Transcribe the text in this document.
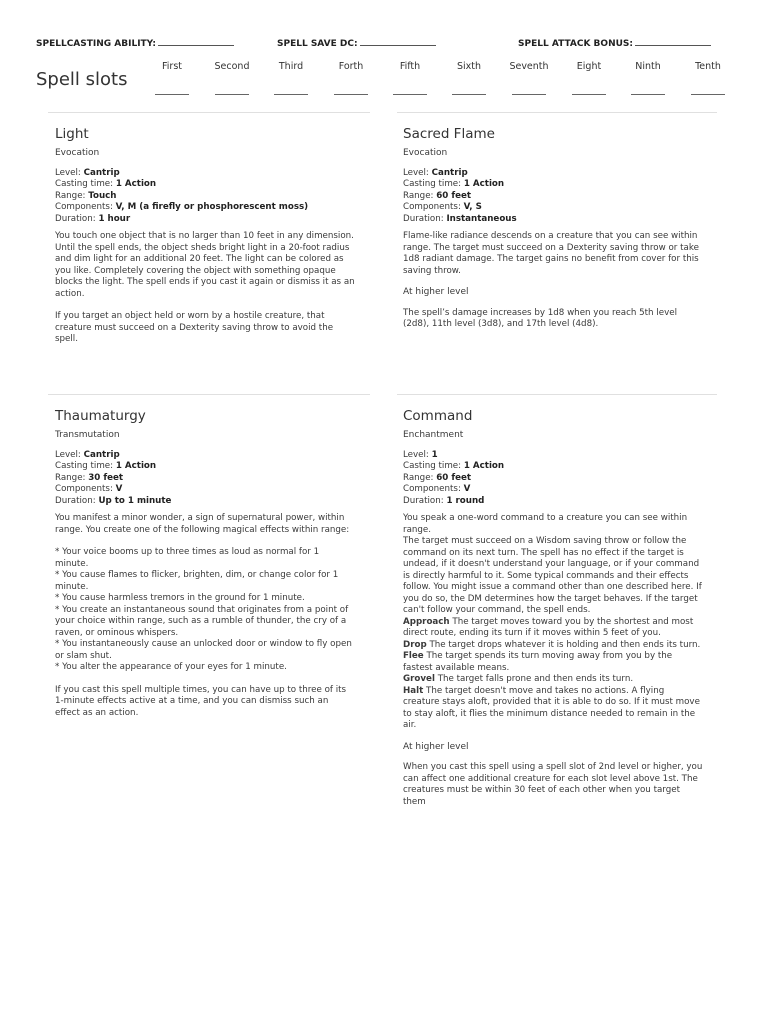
SPELLCASTING ABILITY:	SPELL SAVE DC:	SPELL ATTACK BONUS:
Spell slots
First	Second	Third	Forth	Fifth	Sixth	Seventh	Eight	Ninth	Tenth
Light
Evocation
Level: Cantrip
Casting time: 1 Action
Range: Touch
Components: V, M (a firefly or phosphorescent moss)
Duration: 1 hour

You touch one object that is no larger than 10 feet in any dimension. Until the spell ends, the object sheds bright light in a 20-foot radius and dim light for an additional 20 feet. The light can be colored as you like. Completely covering the object with something opaque blocks the light. The spell ends if you cast it again or dismiss it as an action.

If you target an object held or worn by a hostile creature, that creature must succeed on a Dexterity saving throw to avoid the spell.

Sacred Flame
Evocation
Level: Cantrip
Casting time: 1 Action
Range: 60 feet
Components: V, S
Duration: Instantaneous

Flame-like radiance descends on a creature that you can see within range. The target must succeed on a Dexterity saving throw or take 1d8 radiant damage. The target gains no benefit from cover for this saving throw.

At higher level

The spell’s damage increases by 1d8 when you reach 5th level (2d8), 11th level (3d8), and 17th level (4d8).

Thaumaturgy
Transmutation
Level: Cantrip
Casting time: 1 Action
Range: 30 feet
Components: V
Duration: Up to 1 minute

You manifest a minor wonder, a sign of supernatural power, within range. You create one of the following magical effects within range:

* Your voice booms up to three times as loud as normal for 1 minute.

* You cause flames to flicker, brighten, dim, or change color for 1 minute.

* You cause harmless tremors in the ground for 1 minute.

* You create an instantaneous sound that originates from a point of your choice within range, such as a rumble of thunder, the cry of a raven, or ominous whispers.

* You instantaneously cause an unlocked door or window to fly open or slam shut.

* You alter the appearance of your eyes for 1 minute.

If you cast this spell multiple times, you can have up to three of its 1-minute effects active at a time, and you can dismiss such an effect as an action.

Command
Enchantment
Level: 1
Casting time: 1 Action
Range: 60 feet
Components: V
Duration: 1 round

You speak a one-word command to a creature you can see within range.

The target must succeed on a Wisdom saving throw or follow the command on its next turn. The spell has no effect if the target is undead, if it doesn't understand your language, or if your command is directly harmful to it. Some typical commands and their effects follow. You might issue a command other than one described here. If you do so, the DM determines how the target behaves. If the target can't follow your command, the spell ends.

Approach The target moves toward you by the shortest and most direct route, ending its turn if it moves within 5 feet of you.

Drop The target drops whatever it is holding and then ends its turn.

Flee The target spends its turn moving away from you by the fastest available means.

Grovel The target falls prone and then ends its turn.

Halt The target doesn't move and takes no actions. A flying creature stays aloft, provided that it is able to do so. If it must move to stay aloft, it flies the minimum distance needed to remain in the air.

At higher level

When you cast this spell using a spell slot of 2nd level or higher, you can affect one additional creature for each slot level above 1st. The creatures must be within 30 feet of each other when you target them
